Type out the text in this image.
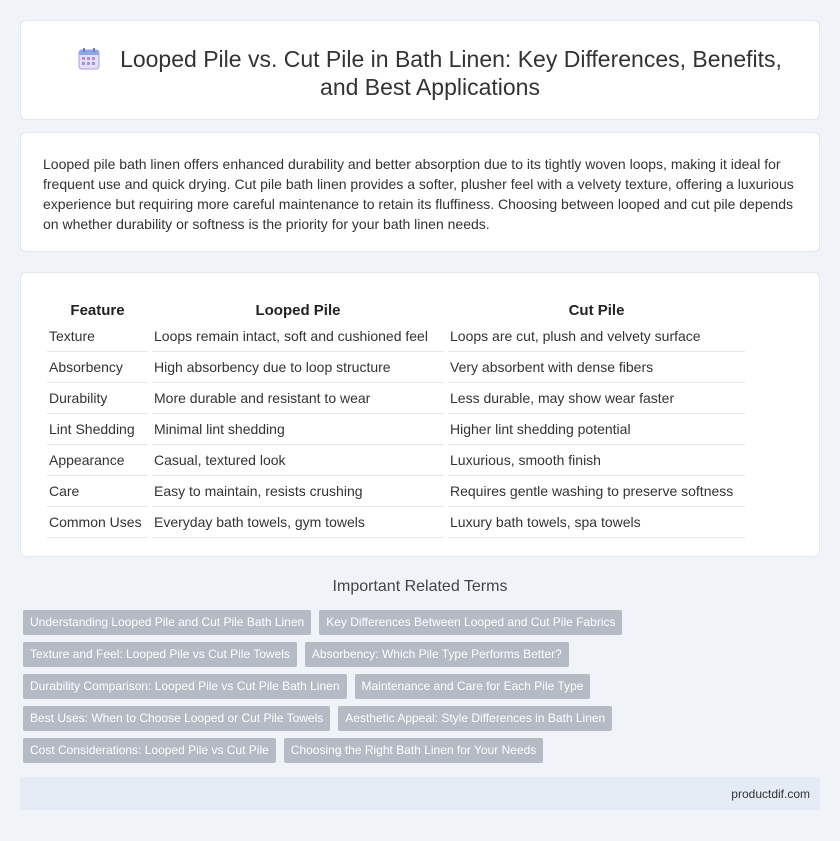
Looped Pile vs. Cut Pile in Bath Linen: Key Differences, Benefits, and Best Applications

Looped pile bath linen offers enhanced durability and better absorption due to its tightly woven loops, making it ideal for frequent use and quick drying. Cut pile bath linen provides a softer, plusher feel with a velvety texture, offering a luxurious experience but requiring more careful maintenance to retain its fluffiness. Choosing between looped and cut pile depends on whether durability or softness is the priority for your bath linen needs.

Feature	Looped Pile	Cut Pile
Texture	Loops remain intact, soft and cushioned feel	Loops are cut, plush and velvety surface
Absorbency	High absorbency due to loop structure	Very absorbent with dense fibers
Durability	More durable and resistant to wear	Less durable, may show wear faster
Lint Shedding	Minimal lint shedding	Higher lint shedding potential
Appearance	Casual, textured look	Luxurious, smooth finish
Care	Easy to maintain, resists crushing	Requires gentle washing to preserve softness
Common Uses	Everyday bath towels, gym towels	Luxury bath towels, spa towels
Important Related Terms
Understanding Looped Pile and Cut Pile Bath Linen Key Differences Between Looped and Cut Pile Fabrics
Texture and Feel: Looped Pile vs Cut Pile Towels Absorbency: Which Pile Type Performs Better?
Durability Comparison: Looped Pile vs Cut Pile Bath Linen Maintenance and Care for Each Pile Type
Best Uses: When to Choose Looped or Cut Pile Towels Aesthetic Appeal: Style Differences in Bath Linen
Cost Considerations: Looped Pile vs Cut Pile Choosing the Right Bath Linen for Your Needs
productdif.com
